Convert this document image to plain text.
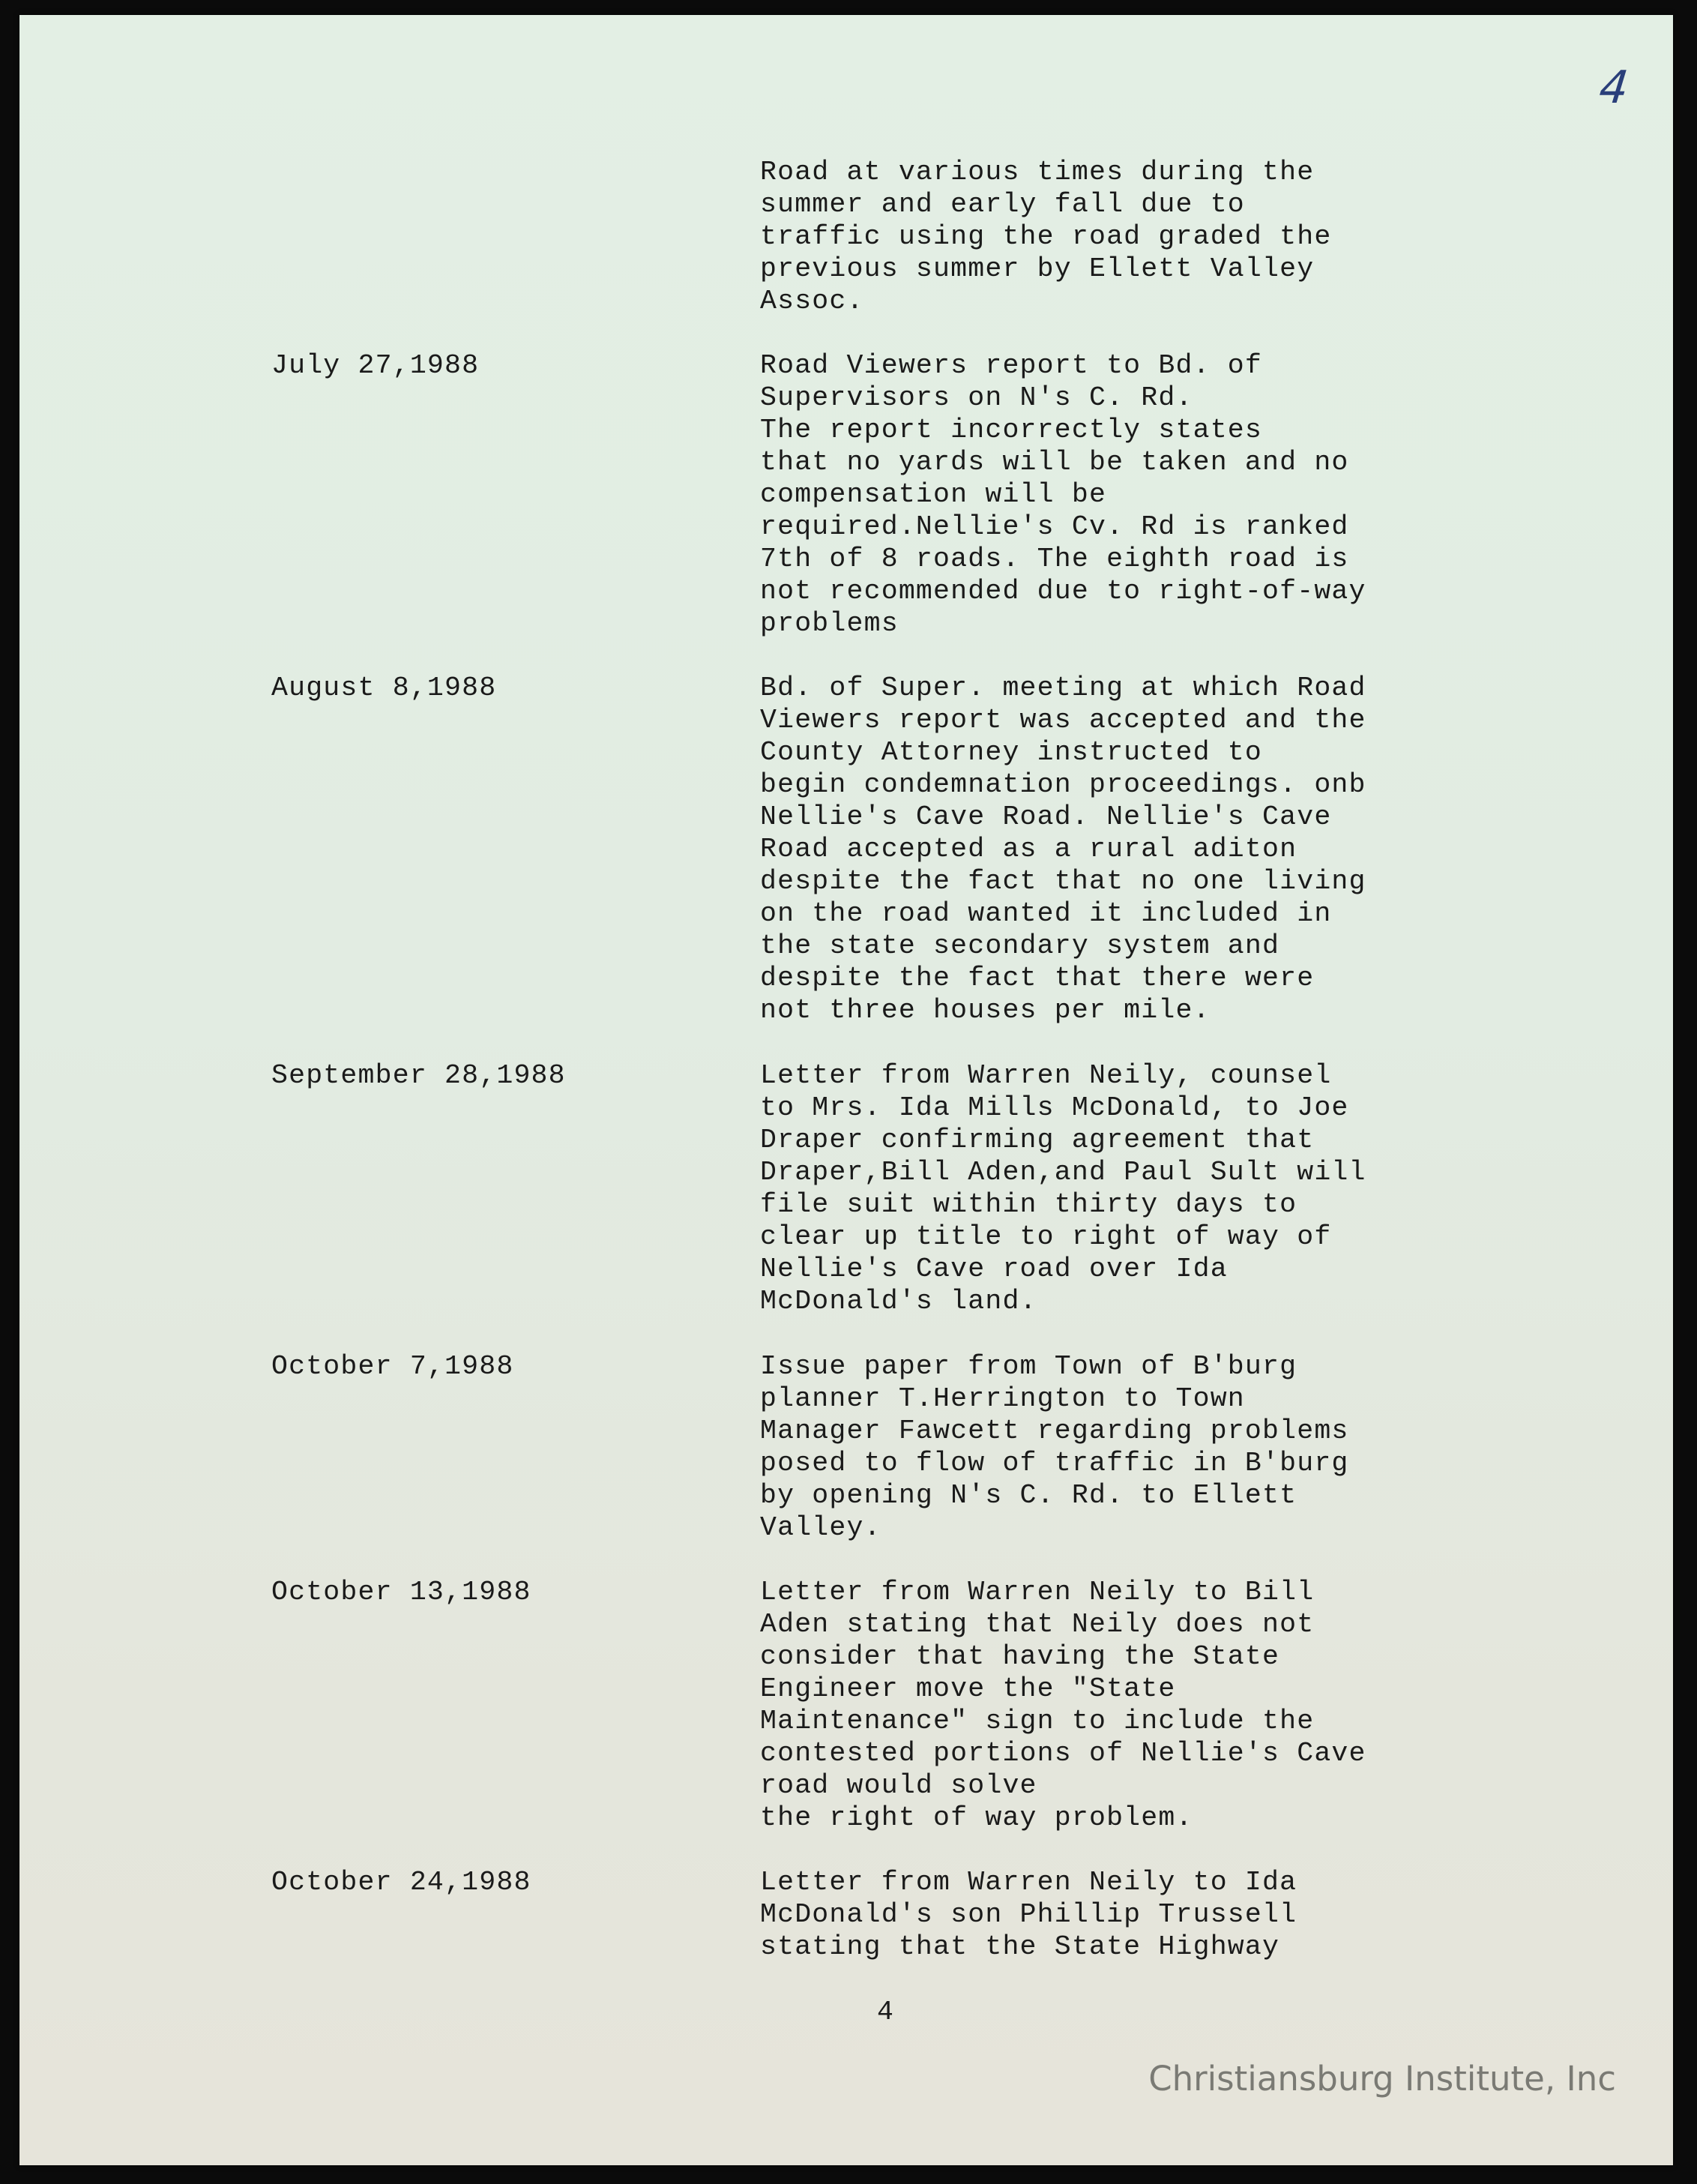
4
Road at various times during the
summer and early fall due to
traffic using the road graded the
previous summer by Ellett Valley
Assoc.
July 27,1988	Road Viewers report to Bd. of
Supervisors on N's C. Rd.
The report incorrectly states
that no yards will be taken and no
compensation will be
required.Nellie's Cv. Rd is ranked
7th of 8 roads. The eighth road is
not recommended due to right-of-way
problems
August 8,1988	Bd. of Super. meeting at which Road
Viewers report was accepted and the
County Attorney instructed to
begin condemnation proceedings. onb
Nellie's Cave Road. Nellie's Cave
Road accepted as a rural aditon
despite the fact that no one living
on the road wanted it included in
the state secondary system and
despite the fact that there were
not three houses per mile.
September 28,1988	Letter from Warren Neily, counsel
to Mrs. Ida Mills McDonald, to Joe
Draper confirming agreement that
Draper,Bill Aden,and Paul Sult will
file suit within thirty days to
clear up title to right of way of
Nellie's Cave road over Ida
McDonald's land.
October 7,1988	Issue paper from Town of B'burg
planner T.Herrington to Town
Manager Fawcett regarding problems
posed to flow of traffic in B'burg
by opening N's C. Rd. to Ellett
Valley.
October 13,1988	Letter from Warren Neily to Bill
Aden stating that Neily does not
consider that having the State
Engineer move the "State
Maintenance" sign to include the
contested portions of Nellie's Cave
road would solve
the right of way problem.
October 24,1988	Letter from Warren Neily to Ida
McDonald's son Phillip Trussell
stating that the State Highway
4
Christiansburg Institute, Inc
